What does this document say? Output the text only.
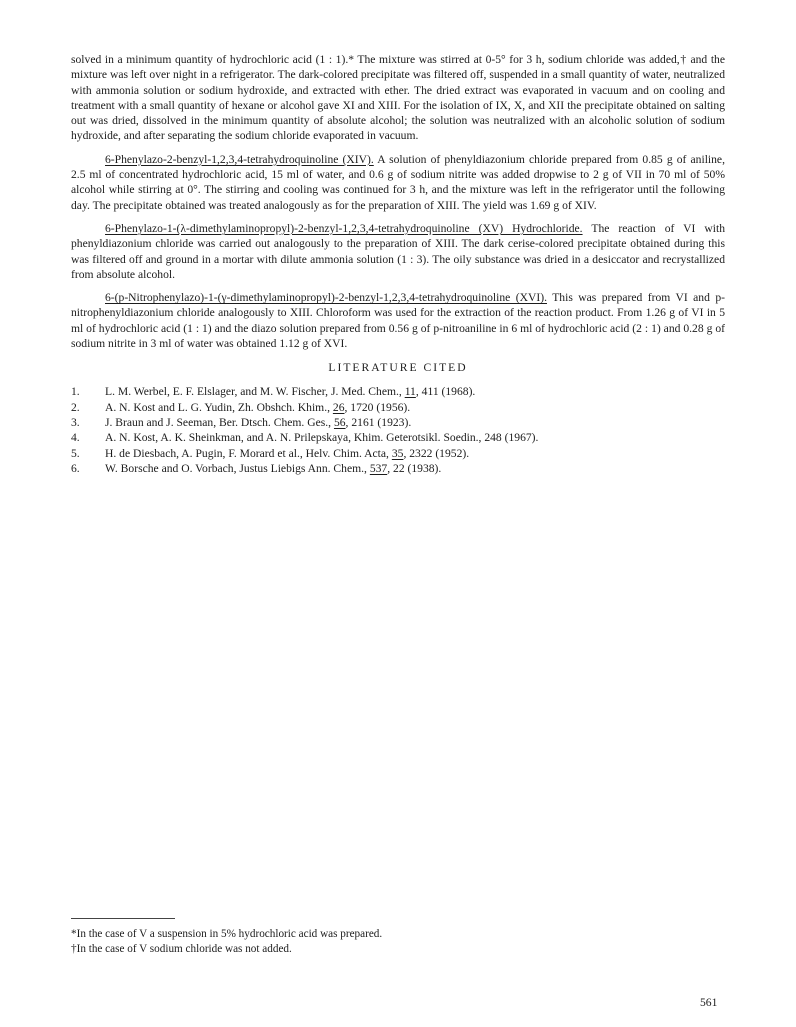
solved in a minimum quantity of hydrochloric acid (1 : 1).* The mixture was stirred at 0-5° for 3 h, sodium chloride was added,† and the mixture was left over night in a refrigerator. The dark-colored precipitate was filtered off, suspended in a small quantity of water, neutralized with ammonia solution or sodium hydroxide, and extracted with ether. The dried extract was evaporated in vacuum and on cooling and treatment with a small quantity of hexane or alcohol gave XI and XIII. For the isolation of IX, X, and XII the precipitate obtained on salting out was dried, dissolved in the minimum quantity of absolute alcohol; the solution was neutralized with an alcoholic solution of sodium hydroxide, and after separating the sodium chloride evaporated in vacuum.

6-Phenylazo-2-benzyl-1,2,3,4-tetrahydroquinoline (XIV). A solution of phenyldiazonium chloride prepared from 0.85 g of aniline, 2.5 ml of concentrated hydrochloric acid, 15 ml of water, and 0.6 g of sodium nitrite was added dropwise to 2 g of VII in 70 ml of 50% alcohol while stirring at 0°. The stirring and cooling was continued for 3 h, and the mixture was left in the refrigerator until the following day. The precipitate obtained was treated analogously as for the preparation of XIII. The yield was 1.69 g of XIV.

6-Phenylazo-1-(λ-dimethylaminopropyl)-2-benzyl-1,2,3,4-tetrahydroquinoline (XV) Hydrochloride. The reaction of VI with phenyldiazonium chloride was carried out analogously to the preparation of XIII. The dark cerise-colored precipitate obtained during this was filtered off and ground in a mortar with dilute ammonia solution (1 : 3). The oily substance was dried in a desiccator and recrystallized from absolute alcohol.

6-(p-Nitrophenylazo)-1-(γ-dimethylaminopropyl)-2-benzyl-1,2,3,4-tetrahydroquinoline (XVI). This was prepared from VI and p-nitrophenyldiazonium chloride analogously to XIII. Chloroform was used for the extraction of the reaction product. From 1.26 g of VI in 5 ml of hydrochloric acid (1 : 1) and the diazo solution prepared from 0.56 g of p-nitroaniline in 6 ml of hydrochloric acid (2 : 1) and 0.28 g of sodium nitrite in 3 ml of water was obtained 1.12 g of XVI.

LITERATURE CITED
1.	L. M. Werbel, E. F. Elslager, and M. W. Fischer, J. Med. Chem., 11, 411 (1968).
2.	A. N. Kost and L. G. Yudin, Zh. Obshch. Khim., 26, 1720 (1956).
3.	J. Braun and J. Seeman, Ber. Dtsch. Chem. Ges., 56, 2161 (1923).
4.	A. N. Kost, A. K. Sheinkman, and A. N. Prilepskaya, Khim. Geterotsikl. Soedin., 248 (1967).
5.	H. de Diesbach, A. Pugin, F. Morard et al., Helv. Chim. Acta, 35, 2322 (1952).
6.	W. Borsche and O. Vorbach, Justus Liebigs Ann. Chem., 537, 22 (1938).

*In the case of V a suspension in 5% hydrochloric acid was prepared.

†In the case of V sodium chloride was not added.

561
